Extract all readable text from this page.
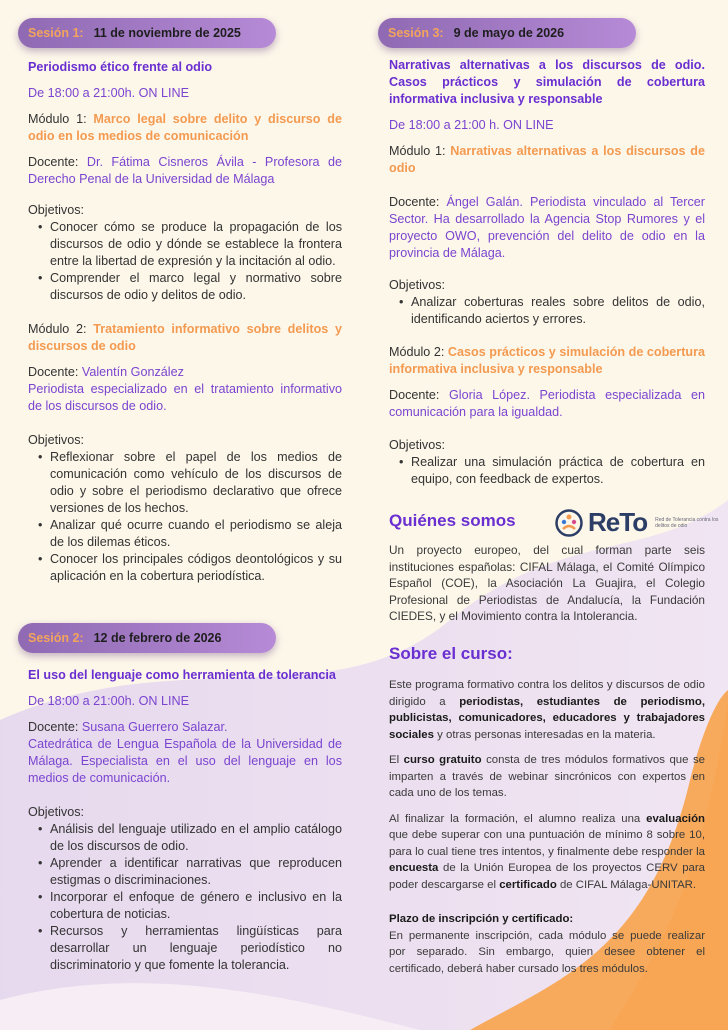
Sesión 1: 11 de noviembre de 2025
Periodismo ético frente al odio
De 18:00 a 21:00h. ON LINE
Módulo 1: Marco legal sobre delito y discurso de odio en los medios de comunicación
Docente: Dr. Fátima Cisneros Ávila - Profesora de Derecho Penal de la Universidad de Málaga
Objetivos:
• Conocer cómo se produce la propagación de los discursos de odio y dónde se establece la frontera entre la libertad de expresión y la incitación al odio.
• Comprender el marco legal y normativo sobre discursos de odio y delitos de odio.
Módulo 2: Tratamiento informativo sobre delitos y discursos de odio
Docente: Valentín González
Periodista especializado en el tratamiento informativo de los discursos de odio.
Objetivos:
• Reflexionar sobre el papel de los medios de comunicación como vehículo de los discursos de odio y sobre el periodismo declarativo que ofrece versiones de los hechos.
• Analizar qué ocurre cuando el periodismo se aleja de los dilemas éticos.
• Conocer los principales códigos deontológicos y su aplicación en la cobertura periodística.
Sesión 2: 12 de febrero de 2026
El uso del lenguaje como herramienta de tolerancia
De 18:00 a 21:00h. ON LINE
Docente: Susana Guerrero Salazar.
Catedrática de Lengua Española de la Universidad de Málaga. Especialista en el uso del lenguaje en los medios de comunicación.
Objetivos:
• Análisis del lenguaje utilizado en el amplio catálogo de los discursos de odio.
• Aprender a identificar narrativas que reproducen estigmas o discriminaciones.
• Incorporar el enfoque de género e inclusivo en la cobertura de noticias.
• Recursos y herramientas lingüísticas para desarrollar un lenguaje periodístico no discriminatorio y que fomente la tolerancia.
Sesión 3: 9 de mayo de 2026
Narrativas alternativas a los discursos de odio. Casos prácticos y simulación de cobertura informativa inclusiva y responsable
De 18:00 a 21:00 h. ON LINE
Módulo 1: Narrativas alternativas a los discursos de odio
Docente: Ángel Galán. Periodista vinculado al Tercer Sector. Ha desarrollado la Agencia Stop Rumores y el proyecto OWO, prevención del delito de odio en la provincia de Málaga.
Objetivos:
• Analizar coberturas reales sobre delitos de odio, identificando aciertos y errores.
Módulo 2: Casos prácticos y simulación de cobertura informativa inclusiva y responsable
Docente: Gloria López. Periodista especializada en comunicación para la igualdad.
Objetivos:
• Realizar una simulación práctica de cobertura en equipo, con feedback de expertos.
Quiénes somos
Un proyecto europeo, del cual forman parte seis instituciones españolas: CIFAL Málaga, el Comité Olímpico Español (COE), la Asociación La Guajira, el Colegio Profesional de Periodistas de Andalucía, la Fundación CIEDES, y el Movimiento contra la Intolerancia.
ReTo Red de Tolerancia contra los delitos de odio
Sobre el curso:
Este programa formativo contra los delitos y discursos de odio dirigido a periodistas, estudiantes de periodismo, publicistas, comunicadores, educadores y trabajadores sociales y otras personas interesadas en la materia.
El curso gratuito consta de tres módulos formativos que se imparten a través de webinar sincrónicos con expertos en cada uno de los temas.
Al finalizar la formación, el alumno realiza una evaluación que debe superar con una puntuación de mínimo 8 sobre 10, para lo cual tiene tres intentos, y finalmente debe responder la encuesta de la Unión Europea de los proyectos CERV para poder descargarse el certificado de CIFAL Málaga-UNITAR.
Plazo de inscripción y certificado:
En permanente inscripción, cada módulo se puede realizar por separado. Sin embargo, quien desee obtener el certificado, deberá haber cursado los tres módulos.
